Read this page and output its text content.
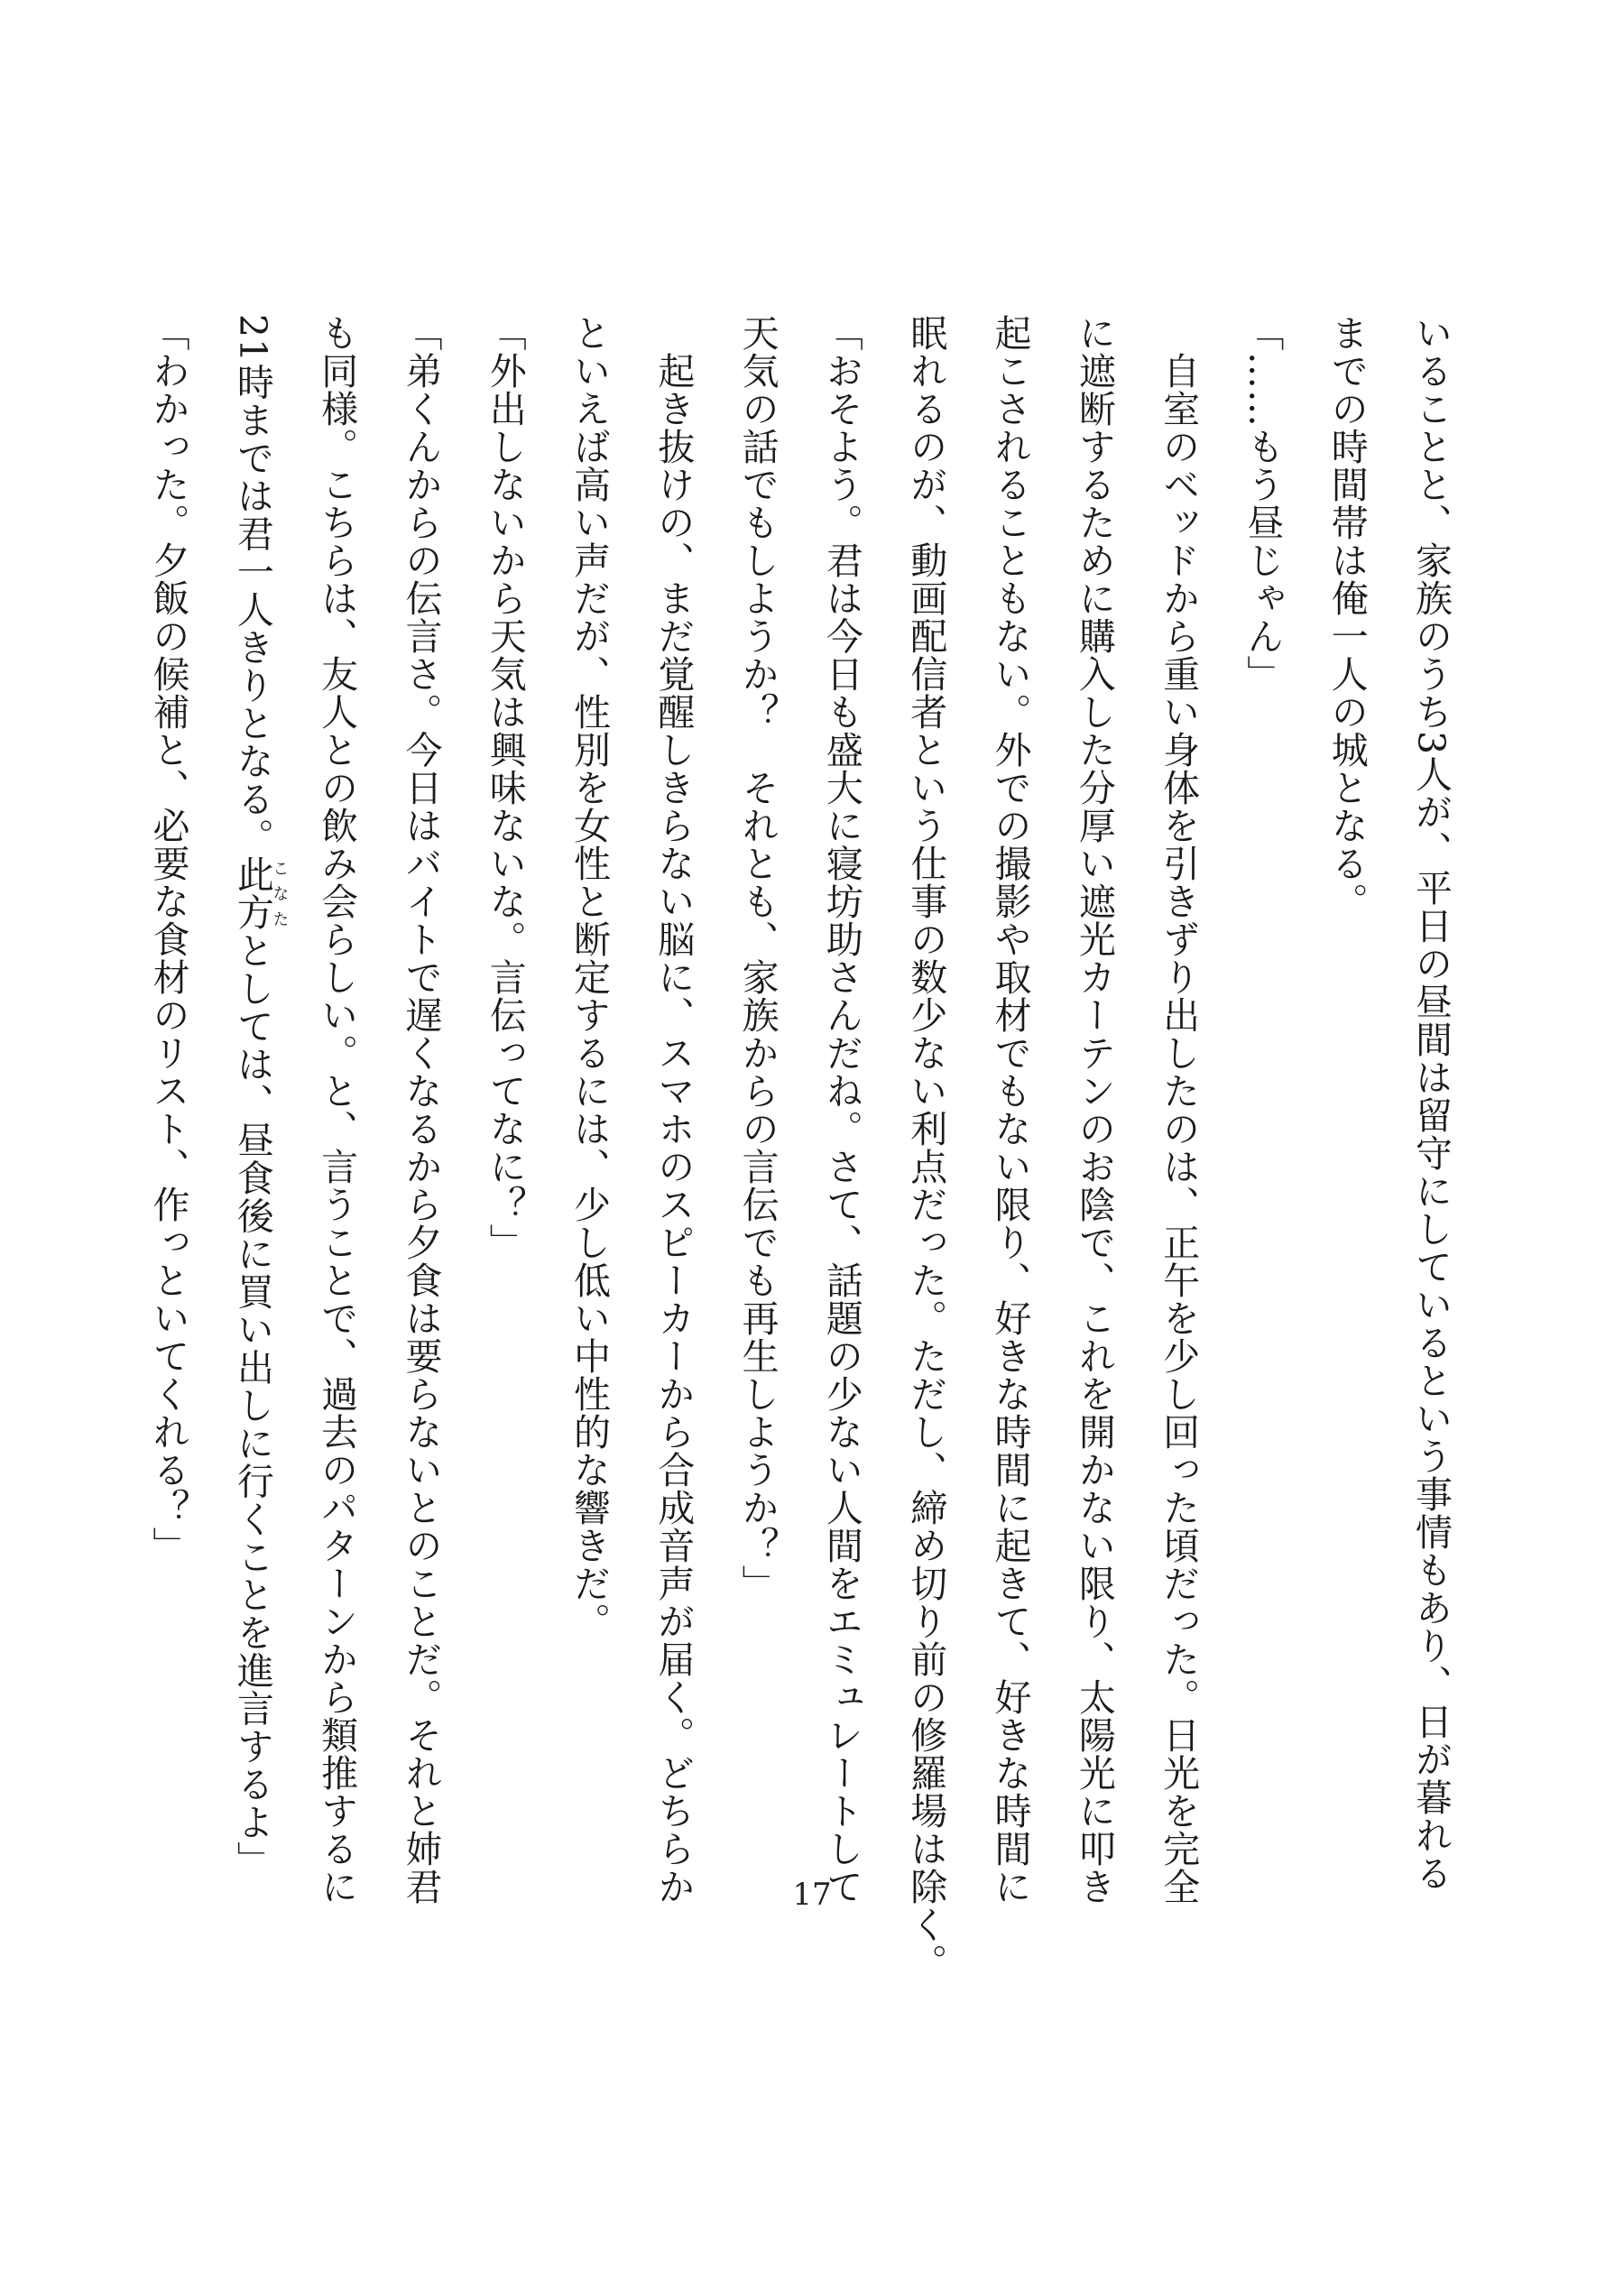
いることと、家族のうち3人が、平日の昼間は留守にしているという事情もあり、日が暮れる
までの時間帯は俺一人の城となる。
「……もう昼じゃん」
自室のベッドから重い身体を引きずり出したのは、正午を少し回った頃だった。日光を完全
に遮断するために購入した分厚い遮光カーテンのお陰で、これを開かない限り、太陽光に叩き
起こされることもない。外での撮影や取材でもない限り、好きな時間に起きて、好きな時間に
眠れるのが、動画配信者という仕事の数少ない利点だった。ただし、締め切り前の修羅場は除く。
「おそよう。君は今日も盛大に寝坊助さんだね。さて、話題の少ない人間をエミュレートして
天気の話でもしようか？　それとも、家族からの言伝でも再生しようか？」
起き抜けの、まだ覚醒しきらない脳に、スマホのスピーカーから合成音声が届く。どちらか
といえば高い声だが、性別を女性と断定するには、少し低い中性的な響きだ。
「外出しないから天気は興味ないな。言伝ってなに？」
「弟くんからの伝言さ。今日はバイトで遅くなるから夕食は要らないとのことだ。それと姉君
も同様。こちらは、友人との飲み会らしい。と、言うことで、過去のパターンから類推するに
21時までは君一人きりとなる。此方こなたとしては、昼食後に買い出しに行くことを進言するよ」
「わかった。夕飯の候補と、必要な食材のリスト、作っといてくれる？」
17
